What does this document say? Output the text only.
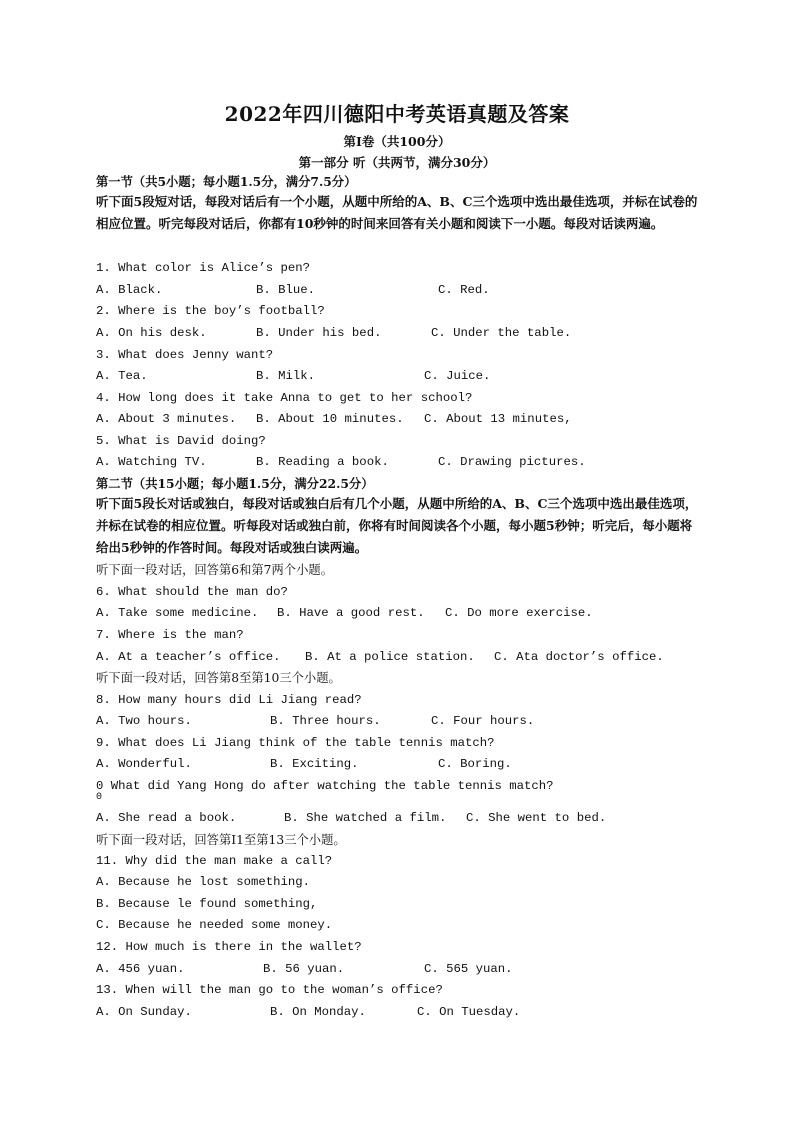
2022年四川德阳中考英语真题及答案
第Ⅰ卷（共100分）
第一部分 听（共两节，满分30分）
第一节（共5小题；每小题1.5分，满分7.5分）
听下面5段短对话，每段对话后有一个小题，从题中所给的A、B、C三个选项中选出最佳选项，并标在试卷的相应位置。听完每段对话后，你都有10秒钟的时间来回答有关小题和阅读下一小题。每段对话读两遍。
1. What color is Alice’s pen?
A. Black.	B. Blue.	C. Red.
2. Where is the boy’s football?
A. On his desk.	B. Under his bed.	C. Under the table.
3. What does Jenny want?
A. Tea.	B. Milk.	C. Juice.
4. How long does it take Anna to get to her school?
A. About 3 minutes. B. About 10 minutes. C. About 13 minutes,
5. What is David doing?
A. Watching TV.	B. Reading a book.	C. Drawing pictures.
第二节（共15小题；每小题1.5分，满分22.5分）
听下面5段长对话或独白，每段对话或独白后有几个小题，从题中所给的A、B、C三个选项中选出最佳选项，并标在试卷的相应位置。听每段对话或独白前，你将有时间阅读各个小题，每小题5秒钟；听完后，每小题将给出5秒钟的作答时间。每段对话或独白读两遍。
听下面一段对话，回答第6和第7两个小题。
6. What should the man do?
A. Take some medicine. B. Have a good rest. C. Do more exercise.
7. Where is the man?
A. At a teacher’s office. B. At a police station. C. Ata doctor’s office.
听下面一段对话，回答第8至第10三个小题。
8. How many hours did Li Jiang read?
A. Two hours.	B. Three hours.	C. Four hours.
9. What does Li Jiang think of the table tennis match?
A. Wonderful.	B. Exciting.	C. Boring.
0 What did Yang Hong do after watching the table tennis match?
0
A. She read a book.	B. She watched a film. C. She went to bed.
听下面一段对话，回答第I1至第13三个小题。
11. Why did the man make a call?
A. Because he lost something.
B. Because le found something,
C. Because he needed some money.
12. How much is there in the wallet?
A. 456 yuan.	B. 56 yuan.	C. 565 yuan.
13. When will the man go to the woman’s office?
A. On Sunday.	B. On Monday.	C. On Tuesday.
